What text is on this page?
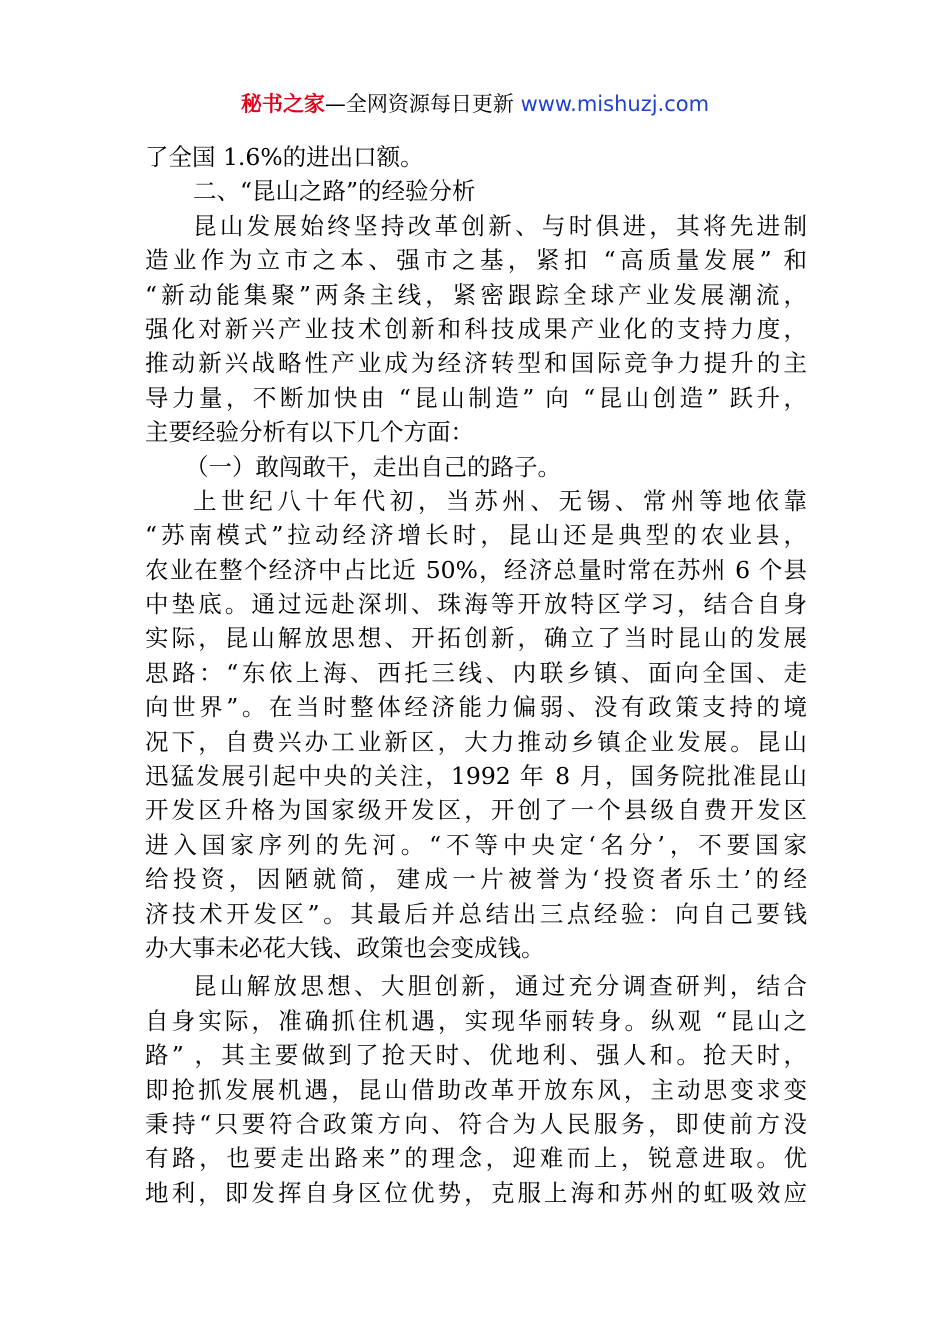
秘书之家—全网资源每日更新 www.mishuzj.com
了全国 1.6%的进出口额。
二、“昆山之路”的经验分析
昆山发展始终坚持改革创新、与时俱进，其将先进制
造业作为立市之本、强市之基，紧扣 “高质量发展” 和
“新动能集聚”两条主线，紧密跟踪全球产业发展潮流，
强化对新兴产业技术创新和科技成果产业化的支持力度，
推动新兴战略性产业成为经济转型和国际竞争力提升的主
导力量，不断加快由 “昆山制造” 向 “昆山创造” 跃升，
主要经验分析有以下几个方面：
（一）敢闯敢干，走出自己的路子。
上世纪八十年代初，当苏州、无锡、常州等地依靠
“苏南模式”拉动经济增长时，昆山还是典型的农业县，
农业在整个经济中占比近 50%，经济总量时常在苏州 6 个县
中垫底。通过远赴深圳、珠海等开放特区学习，结合自身
实际，昆山解放思想、开拓创新，确立了当时昆山的发展
思路：“东依上海、西托三线、内联乡镇、面向全国、走
向世界”。在当时整体经济能力偏弱、没有政策支持的境
况下，自费兴办工业新区，大力推动乡镇企业发展。昆山
迅猛发展引起中央的关注，1992 年 8 月，国务院批准昆山
开发区升格为国家级开发区，开创了一个县级自费开发区
进入国家序列的先河。“不等中央定‘名分’，不要国家
给投资，因陋就简，建成一片被誉为‘投资者乐土’的经
济技术开发区”。其最后并总结出三点经验：向自己要钱
办大事未必花大钱、政策也会变成钱。
昆山解放思想、大胆创新，通过充分调查研判，结合
自身实际，准确抓住机遇，实现华丽转身。纵观 “昆山之
路” ，其主要做到了抢天时、优地利、强人和。抢天时，
即抢抓发展机遇，昆山借助改革开放东风，主动思变求变
秉持“只要符合政策方向、符合为人民服务，即使前方没
有路，也要走出路来”的理念，迎难而上，锐意进取。优
地利，即发挥自身区位优势，克服上海和苏州的虹吸效应
